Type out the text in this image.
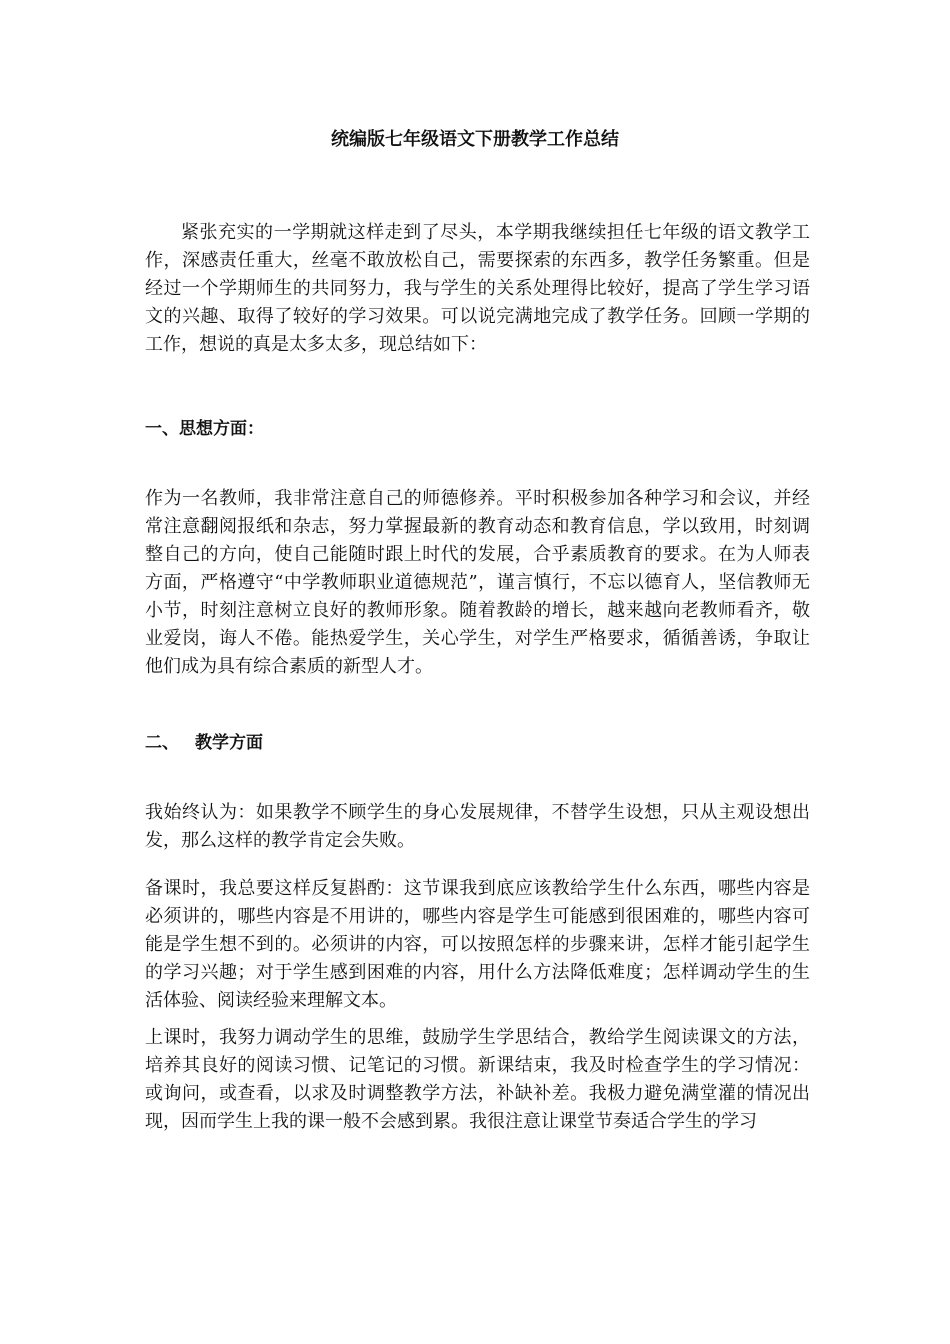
统编版七年级语文下册教学工作总结

紧张充实的一学期就这样走到了尽头，本学期我继续担任七年级的语文教学工作，深感责任重大，丝毫不敢放松自己，需要探索的东西多，教学任务繁重。但是经过一个学期师生的共同努力，我与学生的关系处理得比较好，提高了学生学习语文的兴趣、取得了较好的学习效果。可以说完满地完成了教学任务。回顾一学期的工作，想说的真是太多太多，现总结如下：

一、思想方面：

作为一名教师，我非常注意自己的师德修养。平时积极参加各种学习和会议，并经常注意翻阅报纸和杂志，努力掌握最新的教育动态和教育信息，学以致用，时刻调整自己的方向，使自己能随时跟上时代的发展，合乎素质教育的要求。在为人师表方面，严格遵守“中学教师职业道德规范”，谨言慎行，不忘以德育人，坚信教师无小节，时刻注意树立良好的教师形象。随着教龄的增长，越来越向老教师看齐，敬业爱岗，诲人不倦。能热爱学生，关心学生，对学生严格要求，循循善诱，争取让他们成为具有综合素质的新型人才。

二、 教学方面

我始终认为：如果教学不顾学生的身心发展规律，不替学生设想，只从主观设想出发，那么这样的教学肯定会失败。

备课时，我总要这样反复斟酌：这节课我到底应该教给学生什么东西，哪些内容是必须讲的，哪些内容是不用讲的，哪些内容是学生可能感到很困难的，哪些内容可能是学生想不到的。必须讲的内容，可以按照怎样的步骤来讲，怎样才能引起学生的学习兴趣；对于学生感到困难的内容，用什么方法降低难度；怎样调动学生的生活体验、阅读经验来理解文本。

上课时，我努力调动学生的思维，鼓励学生学思结合，教给学生阅读课文的方法，培养其良好的阅读习惯、记笔记的习惯。新课结束，我及时检查学生的学习情况：或询问，或查看，以求及时调整教学方法，补缺补差。我极力避免满堂灌的情况出现，因而学生上我的课一般不会感到累。我很注意让课堂节奏适合学生的学习
